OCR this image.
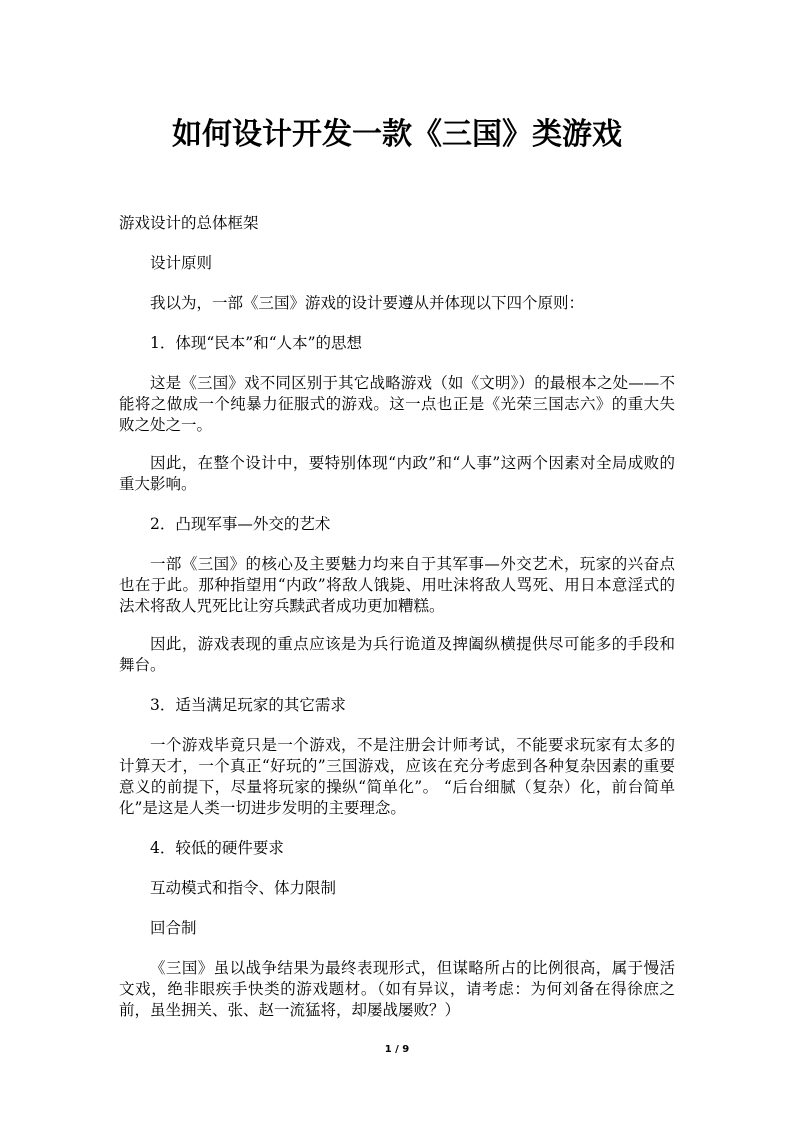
如何设计开发一款《三国》类游戏

游戏设计的总体框架

设计原则

我以为，一部《三国》游戏的设计要遵从并体现以下四个原则：

1．体现“民本”和“人本”的思想

这是《三国》戏不同区别于其它战略游戏（如《文明》）的最根本之处——不能将之做成一个纯暴力征服式的游戏。这一点也正是《光荣三国志六》的重大失败之处之一。

因此，在整个设计中，要特别体现“内政”和“人事”这两个因素对全局成败的重大影响。

2．凸现军事—外交的艺术

一部《三国》的核心及主要魅力均来自于其军事—外交艺术，玩家的兴奋点也在于此。那种指望用“内政”将敌人饿毙、用吐沫将敌人骂死、用日本意淫式的法术将敌人咒死比让穷兵黩武者成功更加糟糕。

因此，游戏表现的重点应该是为兵行诡道及捭阖纵横提供尽可能多的手段和舞台。

3．适当满足玩家的其它需求

一个游戏毕竟只是一个游戏，不是注册会计师考试，不能要求玩家有太多的计算天才，一个真正“好玩的”三国游戏，应该在充分考虑到各种复杂因素的重要意义的前提下，尽量将玩家的操纵“简单化”。 “后台细腻（复杂）化，前台简单化”是这是人类一切进步发明的主要理念。

4．较低的硬件要求

互动模式和指令、体力限制

回合制

《三国》虽以战争结果为最终表现形式，但谋略所占的比例很高，属于慢活文戏，绝非眼疾手快类的游戏题材。（如有异议，请考虑：为何刘备在得徐庶之前，虽坐拥关、张、赵一流猛将，却屡战屡败？）

1 / 9
